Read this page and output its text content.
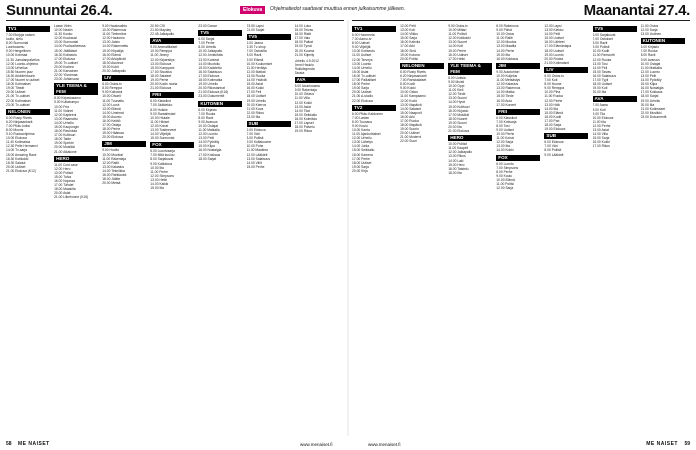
Sunnuntai 26.4.	Elokuva	Ohjelmatiedot saattavat muuttua ennen julkaisumme jälkeen.	Maanantai 27.4.
TV1
7.00 Ekirjoja naisen
luotto, sielu
8.00 Sunnuntai
Luontoaamu
9.00 Hengellinen
10.00 Kotimaa
11.30 Jumalanpalvelus
12.00 Luonto-ohjelma
13.00 Urheilua
15.50 Nuoren jazz
16.30 Arkkitehtuurin
17.00 Nuoret tv-uutiset
18.00 Kotimaiset
19.00 Tiheät
20.00 Uutiset
21.00 Tv-uutiset
22.00 Kotimaiset
23.00 Tv-uutiset
NELONEN
6.00 Rusty Rivets
6.20 Ninjasankarit
7.00 Pikku kultsi
8.00 Mooris
9.10 Ruokaohjelma
10.00 Elokuva
11.40 Kotimaisia
12.30 Pelle Hermanni
14.00 Tv-sarja
15.00 Amazing Race
16.30 Kotikokki
18.30 Salatut
20.00 Uutiset
21.00 Elokuva (K12)
Lasse Virén
10.00 Nealin
11.30 Kooko
12.00 Kuukausi
13.00 Sunnuntai
14.00 Puolivaiheessa
15.00 Jättiläiset
16.30 Kotiseutu
17.00 Elokuva
19.00 Tv-uutiset
20.00 Korkea
21.00 Karvainen
22.00 Ylivoimaa
23.00 Juhlavuosi
YLE TEEMA & FEM
8.00 Kirjastoaamu
9.00 Kultakumpu
10.00 Fria
11.00 Vidinet
12.00 Kapteeni
13.00 Raamattu
14.00 Urheilu
15.00 Kaupungin
16.00 Ravintola
17.00 Kulttuuri
18.00 Taide
19.00 Spektri
20.00 Musiikki
21.00 Aikakone
HERO
11.00 Cold case
12.00 Hero
13.00 Poliisit
15.00 Tulva
16.00 Nopeaa
17.00 Tähdet
18.00 Maasilta
20.00 Asiat
21.00 Liikehuone (K16)
9.00 Hautovaihto
10.00 Rakennus
11.00 Timberline
12.00 Hautomo
13.00 Jaisin
14.00 Rakennettu
15.00 Kilpailija
16.00 Elämä
17.00 Arkipäivät
18.00 Asunnot
19.00 Kokit
20.00 Jalkapallo
LIV
6.00 Ostos-tv
8.00 Remppa
9.00 Kotiostot
10.00 Divarit
11.00 Tuunattu
12.00 Luvut
13.00 Elämä
14.00 Unelmat
15.00 Asunto
16.00 Keittiö
17.00 Ostaja
18.00 Perhe
19.00 Häämaa
20.00 Elokuva
JIM
9.00 Huolto
10.00 Moottori
11.00 Rakentaja
12.00 Rallit
13.00 Kalastus
14.00 Tekniikka
16.00 Rahtiautot
18.00 Jäätie
20.00 Metsä
20.50 CSI
21.50 Mayday
22.45 Jalkapallo
AVA
9.00 Ammattilaiset
10.00 Remppa
11.00 Jimmy
12.00 Kirjaesitys
13.00 Elokuva
15.00 Kumppani
17.00 Sisustus
18.00 Salaiset
19.00 Perhe
20.00 Kodin rauha
21.00 Elokuva
FRII
6.00 Klassikot
7.00 Jääkiekko
8.00 Hokkie
9.00 Rantafestari
10.00 Hiutale
11.00 Hikiset
12.00 Koirat
13.00 Tositeeveet
14.00 Viljelijät
15.00 Sunnuntai
FOX
6.00 Luontosarja
7.00 Mitä kuuluu
8.00 Sarjakuvat
9.00 Kotitalous
10.00 Ilta
11.00 Perhe
12.00 Simpsons
13.00 Hetki
14.00 Kaikki
15.00 Ilta
23.00 Dance
TV5
6.00 Sarjat
7.00 Perhe
8.00 Urheilu
10.00 Jalkapallo
12.00 Jenkkifutis
13.00 Korkeat
14.00 Muotoilu
15.00 Kadotettu
16.00 Salaisuus
17.00 Elokuva
18.00 Kotimatka
19.00 Urheilu
20.00 Rikostarinat
21.00 Elokuva (K16)
23.00 Dokumentit
KUTONEN
6.00 Kirjasto
7.00 Ruoka
8.00 Ravit
9.00 Avaruus
10.00 Ostajat
11.00 Matkalla
12.00 Luonto
13.00 Pelit
14.00 Pyöräily
15.00 Kilpa
16.00 Nostalgia
17.00 Kokkaus
18.00 Sarjat
23.50 Lapsi
01.00 Sarjat
TV5
6.00 Jaana
6.30 Tv-shop
7.00 Ostosilta
8.00 Ravit
9.00 Elämä
10.00 Kuulumiset
11.00 Herätys
12.00 Matkat
13.00 Ruoka
14.00 Ystävät
15.00 Asiat
16.00 Kokki
17.00 Peli
18.00 Uutiset
19.00 Urheilu
20.00 Kierros
21.00 Kova
22.00 Rikos
23.00 Ilta
SUB
6.00 Elokuva
7.00 Väri
8.00 Poliisit
9.00 Kultakuume
10.00 Puhe
11.00 Maailma
12.00 Lääkärit
13.00 Salaisuus
14.00 Villit
15.00 Perhe
14.00 Lobo
15.00 Teivas
16.00 Ristit
17.00 Valo
18.00 Paikat
19.00 Tyrsä
20.00 Kuuma
21.00 Kiipeily
Urheilu 4.9.2012
Jenni Haukio
Rokkilegenda
Tausta
AVA
8.00 Asuntoaamu
9.00 Rakentaja
10.00 Oikeus
11.00 Villa
12.00 Kokki
13.00 Asiat
14.00 Tilat
15.00 Seikkailu
16.00 Kolmikko
17.00 Lapset
18.00 Palvelu
19.00 Rikos
TV1
6.00 Huomenta
7.00 Aamu-tv
8.00 Uutiset
9.00 Viljelijät
10.00 Kotiseutu
11.00 Uutiset
12.00 Terveys
13.00 Luonto
14.00 Urheilu
15.00 Asiat
16.00 Tv-uutiset
17.00 Paikalliset
18.00 Perhe
19.00 Sarja
20.00 Uutiset
21.00 A-studio
22.00 Elokuva
TV2
6.00 Pikku Kakkonen
7.00 Lasten
8.00 Tuunaus
9.00 Koulu
10.00 Kanta
11.00 Ajankohtaiset
12.00 Urheilu
13.00 Lähetys
14.00 Juhla
15.00 Seikkailu
16.00 Kamera
17.00 Perhe
18.00 Uutiset
19.00 Sarja
20.00 Kirja
12.00 Pelit
13.00 Koti
14.00 Viikko
15.00 Sarja
16.00 Kahvila
17.00 Arki
18.00 Sinä
19.00 Kotona
20.00 Poliisi
NELONEN
6.00 Rusty Rivets
6.20 Ninjasankarit
7.00 Ranskalaiset
8.00 Kodit
9.00 Kokki
10.00 Ostos
11.00 Kampaamo
12.00 Kodit
13.00 Iltapäivä
14.00 Salaiset
15.00 Naapurit
16.00 Arki
17.00 Ruoka
18.00 Iltapäivä
19.00 Suurin
20.00 Uutiset
21.00 Moderni
22.00 Suuri
9.00 Ostos-tv
10.00 Mittari
11.00 Poliisit
12.00 Kotikokki
13.00 Suuret
14.00 Koti
15.00 Perhe
16.00 Uutiset
17.00 Hetki
YLE TEEMA & FEM
8.00 Uutisia
9.00 Muisti
10.00 Oppi
11.00 Kieli
12.00 Tiede
13.00 Suomi
14.00 Hyvä
15.00 Kulttuuri
16.00 Kirjasto
17.00 Musiikki
18.00 Nuoret
19.00 Suomi
20.00 Ilta
21.00 Elokuva
HERO
10.00 Poliisit
11.00 Kaapeli
12.00 Jalkapallo
13.00 Rikos
14.00 Laki
15.00 Hero
16.00 Taistelu
18.00 Ilta
8.00 Rakennus
9.00 Päivä
10.00 Ostos
11.00 Rallit
12.00 Muutos
13.00 Maatila
14.00 Perhe
15.00 Ilta
16.00 Kokkaus
JIM
9.00 Autotohtori
10.00 Kuljetus
11.00 Metsästys
12.00 Kalastus
13.00 Rakennus
14.00 Matka
15.00 Tiede
16.00 Auto
17.00 Koneet
FRII
6.00 Klassikot
7.00 Kotisarja
8.00 Tosi
9.00 Uutiset
10.00 Perhe
11.00 Koirat
12.00 Sarja
13.00 Ilta
14.00 Kokki
FOX
6.00 Luonto
7.00 Simpsons
8.00 Perhe
9.00 Koulu
10.00 Elämä
11.00 Poliisi
12.00 Sarja
12.00 Lapsi
13.00 Kiekko
14.00 Pelit
15.00 Uutiset
16.00 Lähteet
17.00 Elämäntapa
18.00 Uutiset
19.00 Luonto
20.00 Ruoka
21.00 Kotimaiset
LIV
6.00 Ostos-tv
7.00 Koti
8.00 Huone
9.00 Remppa
10.00 Piha
11.00 Ruoka
12.00 Perhe
13.00 Hää
14.00 Ilta
15.00 Elämä
16.00 Kodit
17.00 Pari
18.00 Sarja
19.00 Elokuva
SUB
6.00 Elokuva
7.00 Väri
8.00 Poliisit
9.00 Lääkärit
TV5
6.00 Sarjakuvat
7.00 Ostokset
8.00 Ravit
9.00 Poliisit
10.00 Kodit
11.00 Remontti
12.00 Ruoka
13.00 Tosi
14.00 Peli
15.00 Taivas
16.00 Salaisuus
17.00 Tyyli
18.00 Uutiset
19.00 Koti
20.00 Ilta
AVA
7.00 Aamu
8.00 Koti
9.00 Tila
10.00 Elokuva
11.00 Ilta
12.00 Perhe
13.00 Asiat
14.00 Villa
15.00 Sarja
16.00 Kokki
17.00 Rikos
11.00 Ostos
12.00 Sarja
13.00 Uutinen
KUTONEN
6.00 Kirjasto
7.00 Ruoka
8.00 Ravit
9.00 Avaruus
10.00 Ostajat
11.00 Matkalla
12.00 Luonto
13.00 Pelit
14.00 Pyöräily
15.00 Kilpa
16.00 Nostalgia
17.00 Kokkaus
18.00 Sarjat
19.00 Urheilu
20.00 Ilta
21.00 Kotimaiset
22.00 Musiikki
23.00 Dokumentit
58 ME NAISET	www.menaiset.fi	www.menaiset.fi	ME NAISET 59
